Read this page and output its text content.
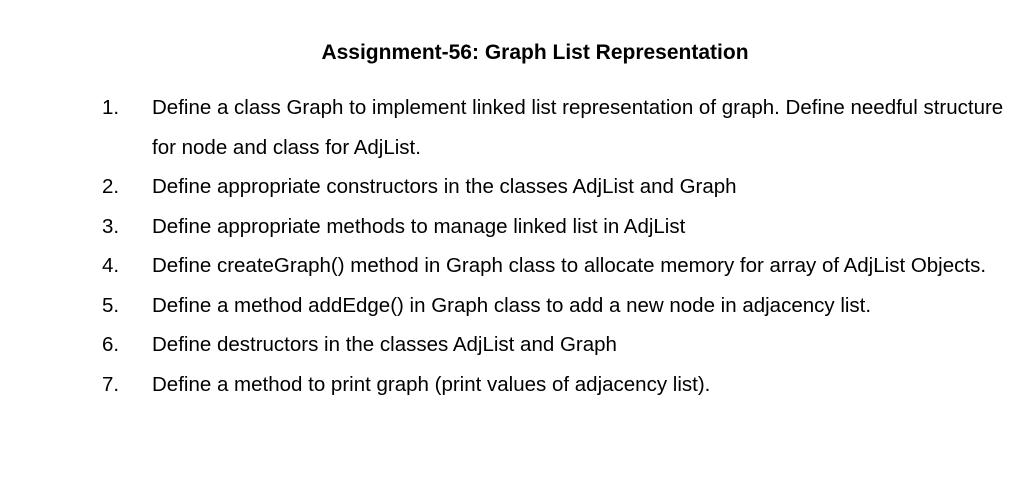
Assignment-56: Graph List Representation
1. Define a class Graph to implement linked list representation of graph. Define needful structure for node and class for AdjList.
2. Define appropriate constructors in the classes AdjList and Graph
3. Define appropriate methods to manage linked list in AdjList
4. Define createGraph() method in Graph class to allocate memory for array of AdjList Objects.
5. Define a method addEdge() in Graph class to add a new node in adjacency list.
6. Define destructors in the classes AdjList and Graph
7. Define a method to print graph (print values of adjacency list).
